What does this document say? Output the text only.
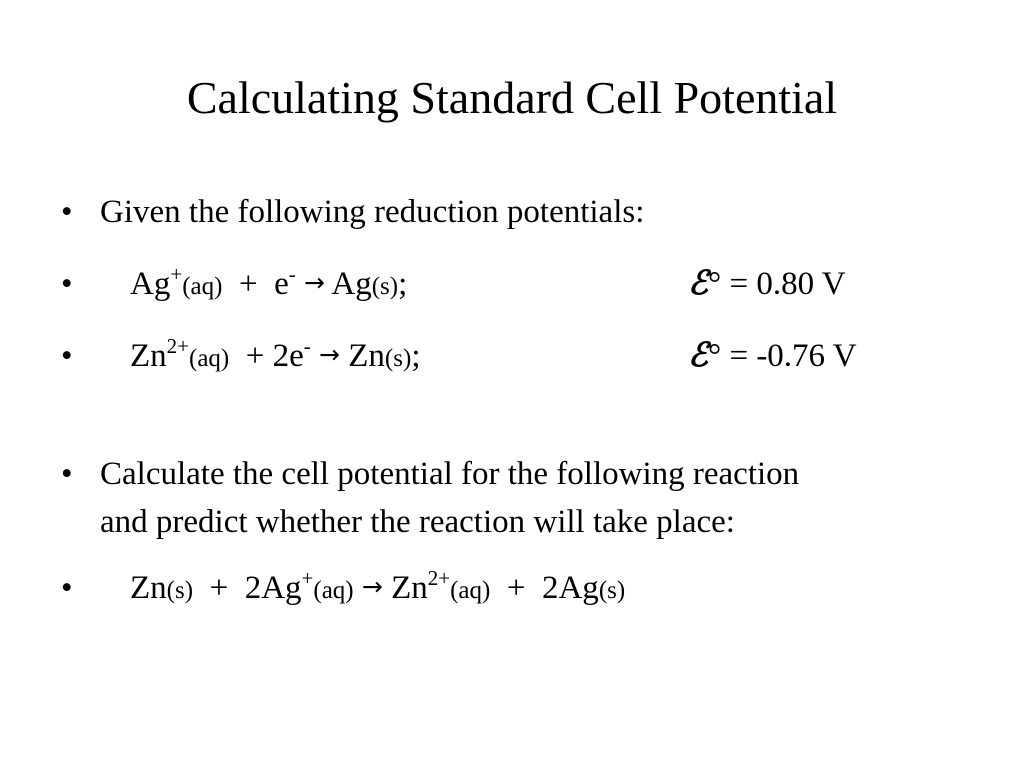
Calculating Standard Cell Potential
• Given the following reduction potentials:
• Ag+(aq) + e- → Ag(s);	ℰ° = 0.80 V
• $Zn^{2+}(aq) + 2e^- \to Zn(s)$;	ℰ° = -0.76 V
• Calculate the cell potential for the following reaction
and predict whether the reaction will take place:
• $Zn(s) + 2Ag^+(aq) \to Zn^{2+}(aq) + 2Ag(s)$
